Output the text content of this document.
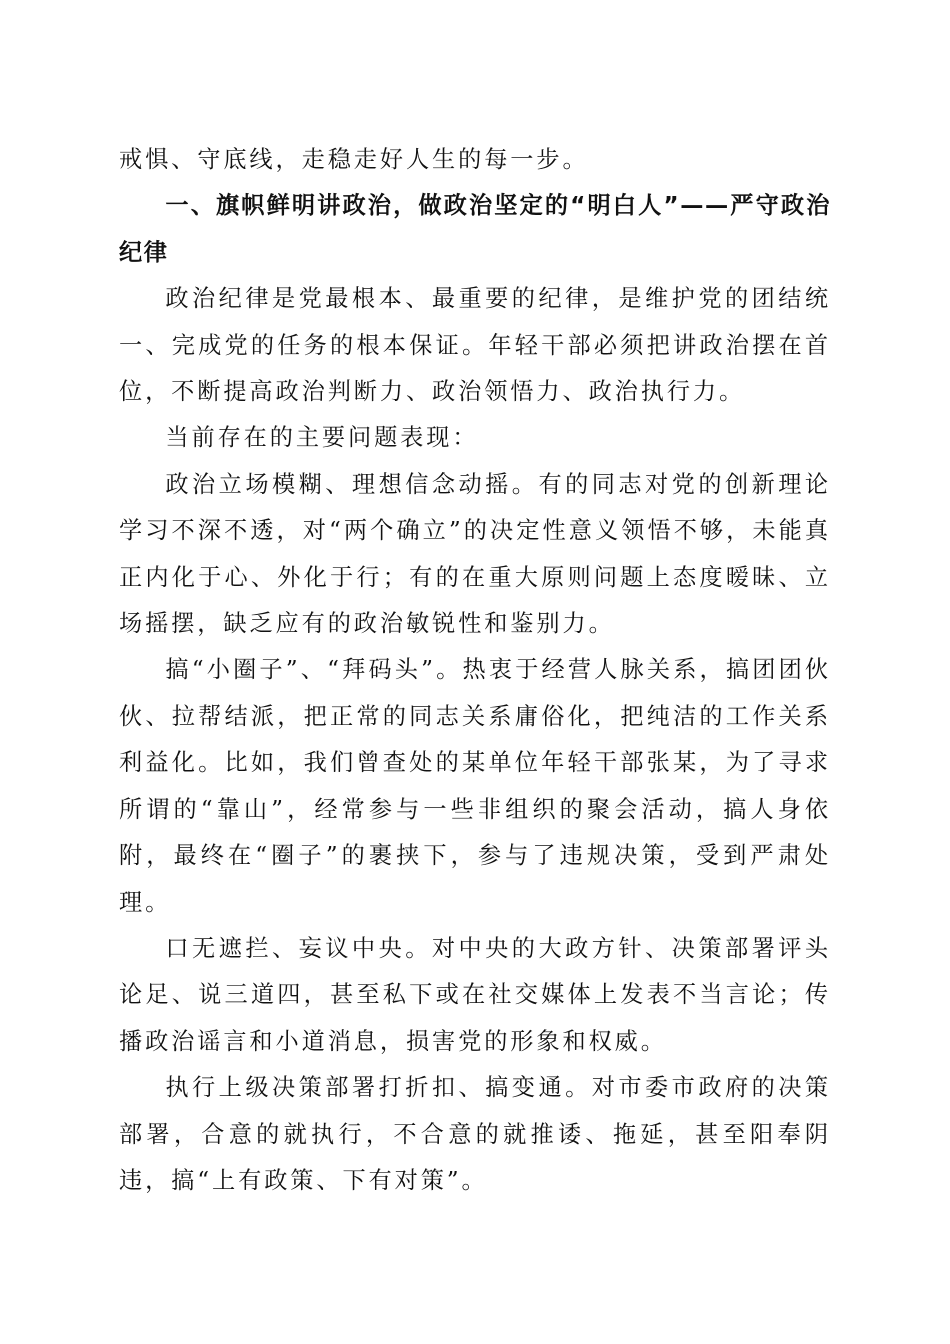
戒惧、守底线，走稳走好人生的每一步。

一、旗帜鲜明讲政治，做政治坚定的“明白人”——严守政治纪律

政治纪律是党最根本、最重要的纪律，是维护党的团结统一、完成党的任务的根本保证。年轻干部必须把讲政治摆在首位，不断提高政治判断力、政治领悟力、政治执行力。

当前存在的主要问题表现：

政治立场模糊、理想信念动摇。有的同志对党的创新理论学习不深不透，对“两个确立”的决定性意义领悟不够，未能真正内化于心、外化于行；有的在重大原则问题上态度暧昧、立场摇摆，缺乏应有的政治敏锐性和鉴别力。

搞“小圈子”、“拜码头”。热衷于经营人脉关系，搞团团伙伙、拉帮结派，把正常的同志关系庸俗化，把纯洁的工作关系利益化。比如，我们曾查处的某单位年轻干部张某，为了寻求所谓的“靠山”，经常参与一些非组织的聚会活动，搞人身依附，最终在“圈子”的裹挟下，参与了违规决策，受到严肃处理。

口无遮拦、妄议中央。对中央的大政方针、决策部署评头论足、说三道四，甚至私下或在社交媒体上发表不当言论；传播政治谣言和小道消息，损害党的形象和权威。

执行上级决策部署打折扣、搞变通。对市委市政府的决策部署，合意的就执行，不合意的就推诿、拖延，甚至阳奉阴违，搞“上有政策、下有对策”。
